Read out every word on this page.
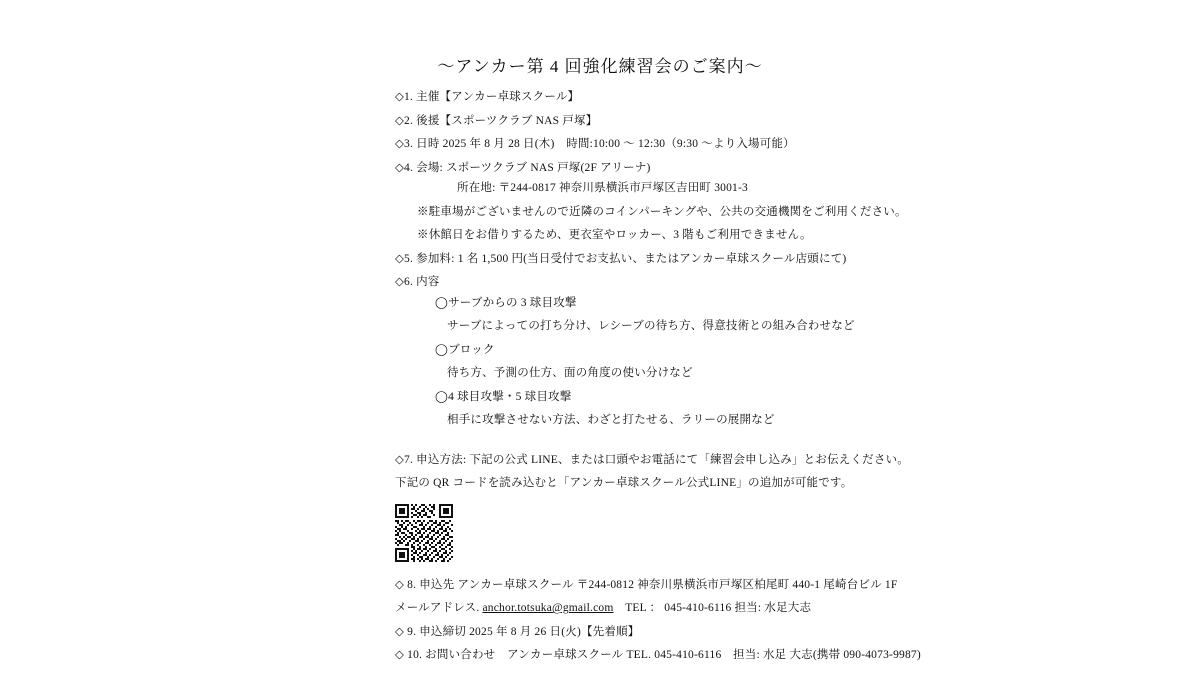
〜アンカー第 4 回強化練習会のご案内〜

◇1. 主催【アンカー卓球スクール】

◇2. 後援【スポーツクラブ NAS 戸塚】

◇3. 日時 2025 年 8 月 28 日(木)　時間:10:00 〜 12:30（9:30 〜より入場可能）

◇4. 会場: スポーツクラブ NAS 戸塚(2F アリーナ)

所在地: 〒244-0817 神奈川県横浜市戸塚区吉田町 3001-3

※駐車場がございませんので近隣のコインパーキングや、公共の交通機関をご利用ください。

※休館日をお借りするため、更衣室やロッカー、3 階もご利用できません。

◇5. 参加料: 1 名 1,500 円(当日受付でお支払い、またはアンカー卓球スクール店頭にて)

◇6. 内容

◯サーブからの 3 球目攻撃

サーブによっての打ち分け、レシーブの待ち方、得意技術との組み合わせなど

◯ブロック

待ち方、予測の仕方、面の角度の使い分けなど

◯4 球目攻撃・5 球目攻撃

相手に攻撃させない方法、わざと打たせる、ラリーの展開など

◇7. 申込方法: 下記の公式 LINE、または口頭やお電話にて「練習会申し込み」とお伝えください。

下記の QR コードを読み込むと「アンカー卓球スクール公式LINE」の追加が可能です。

◇ 8. 申込先 アンカー卓球スクール 〒244-0812 神奈川県横浜市戸塚区柏尾町 440-1 尾崎台ビル 1F

メールアドレス. anchor.totsuka@gmail.com　TEL ： 045-410-6116 担当: 水足大志

◇ 9. 申込締切 2025 年 8 月 26 日(火)【先着順】

◇ 10. お問い合わせ　アンカー卓球スクール TEL. 045-410-6116　担当: 水足 大志(携帯 090-4073-9987)
